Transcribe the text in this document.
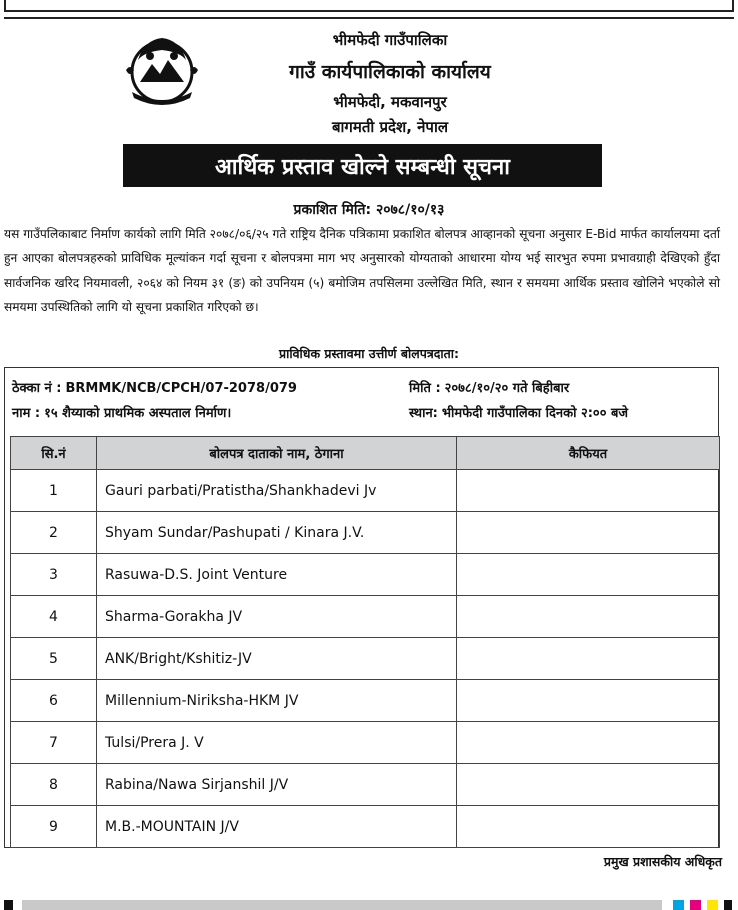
भीमफेदी गाउँपालिका
गाउँ कार्यपालिकाको कार्यालय
भीमफेदी, मकवानपुर
बागमती प्रदेश, नेपाल
आर्थिक प्रस्ताव खोल्ने सम्बन्धी सूचना
प्रकाशित मिति: २०७८/१०/१३
यस गाउँपलिकाबाट निर्माण कार्यको लागि मिति २०७८/०६/२५ गते राष्ट्रिय दैनिक पत्रिकामा प्रकाशित बोलपत्र आव्हानको सूचना अनुसार E-Bid मार्फत कार्यालयमा दर्ता हुन आएका बोलपत्रहरुको प्राविधिक मूल्यांकन गर्दा सूचना र बोलपत्रमा माग भए अनुसारको योग्यताको आधारमा योग्य भई सारभुत रुपमा प्रभावग्राही देखिएको हुँदा सार्वजनिक खरिद नियमावली, २०६४ को नियम ३१ (ङ) को उपनियम (५) बमोजिम तपसिलमा उल्लेखित मिति, स्थान र समयमा आर्थिक प्रस्ताव खोलिने भएकोले सो समयमा उपस्थितिको लागि यो सूचना प्रकाशित गरिएको छ।
प्राविधिक प्रस्तावमा उत्तीर्ण बोलपत्रदाता:
ठेक्का नं : BRMMK/NCB/CPCH/07-2078/079
नाम : १५ शैय्याको प्राथमिक अस्पताल निर्माण।
मिति : २०७८/१०/२० गते बिहीबार
स्थान: भीमफेदी गाउँपालिका दिनको २:०० बजे
सि.नं	बोलपत्र दाताको नाम, ठेगाना	कैफियत
1	Gauri parbati/Pratistha/Shankhadevi Jv	
2	Shyam Sundar/Pashupati / Kinara J.V.	
3	Rasuwa-D.S. Joint Venture	
4	Sharma-Gorakha JV	
5	ANK/Bright/Kshitiz-JV	
6	Millennium-Niriksha-HKM JV	
7	Tulsi/Prera J. V	
8	Rabina/Nawa Sirjanshil J/V	
9	M.B.-MOUNTAIN J/V	
प्रमुख प्रशासकीय अधिकृत
